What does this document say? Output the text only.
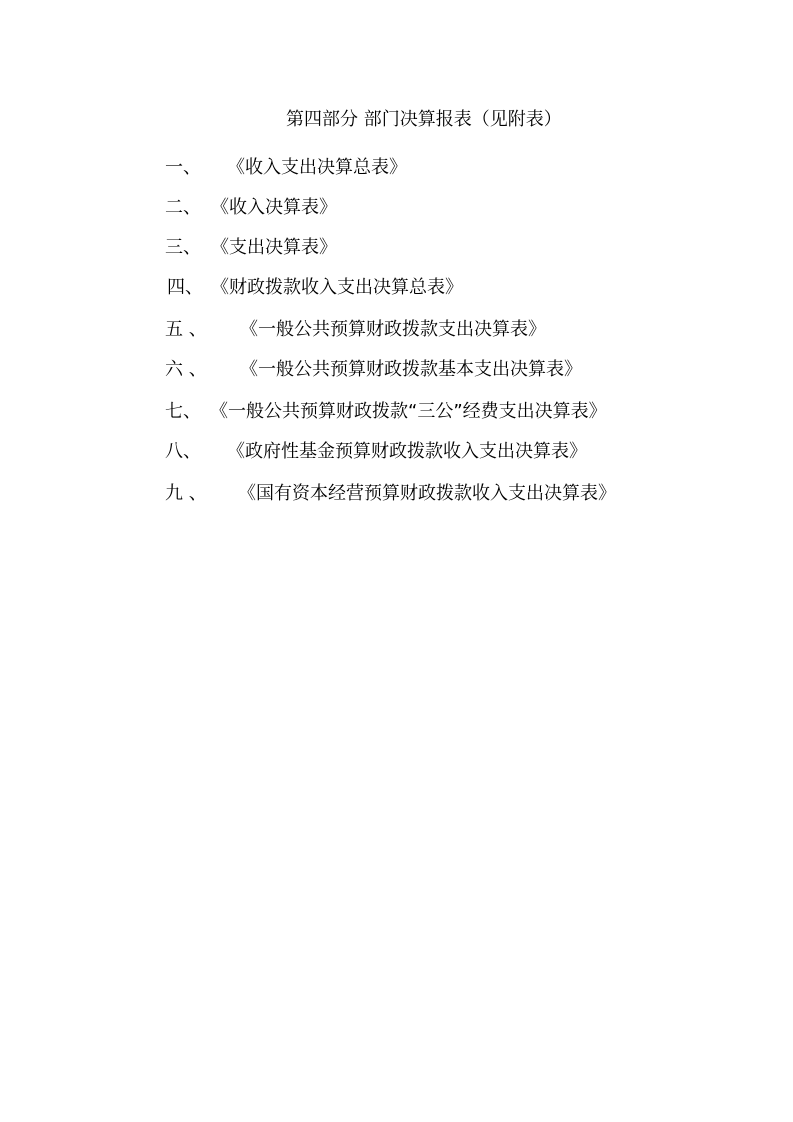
第四部分 部门决算报表（见附表）
一、 《收入支出决算总表》
二、 《收入决算表》
三、 《支出决算表》
四、 《财政拨款收入支出决算总表》
五 、 《一般公共预算财政拨款支出决算表》
六 、 《一般公共预算财政拨款基本支出决算表》
七、 《一般公共预算财政拨款“三公”经费支出决算表》
八、 《政府性基金预算财政拨款收入支出决算表》
九 、 《国有资本经营预算财政拨款收入支出决算表》
